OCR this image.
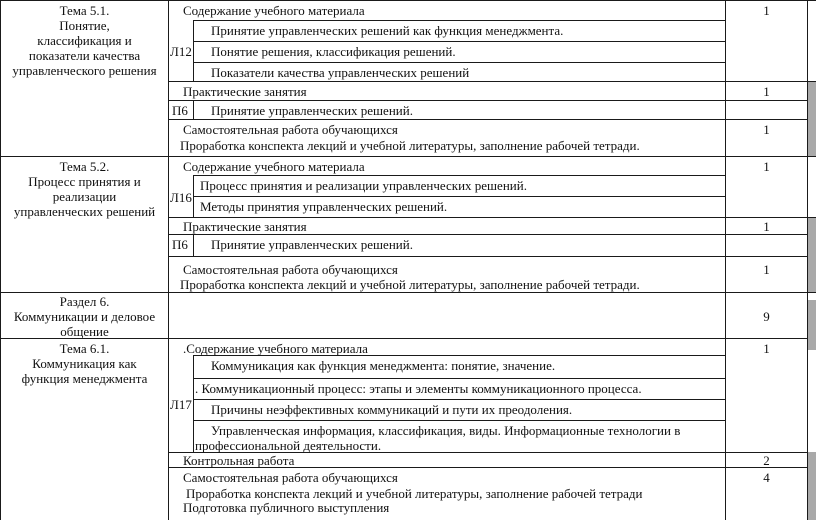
Тема 5.1.
Понятие,
классификация и
показатели качества
управленческого решения
Тема 5.2.
Процесс принятия и
реализации
управленческих решений
Раздел 6.
Коммуникации и деловое
общение
Тема 6.1.
Коммуникация как
функция менеджмента
Содержание учебного материала
Л12
Принятие управленческих решений как функция менеджмента.
Понятие решения, классификация решений.
Показатели качества управленческих решений
Практические занятия
П6 Принятие управленческих решений.
Самостоятельная работа обучающихся
Проработка конспекта лекций и учебной литературы, заполнение рабочей тетради.
Содержание учебного материала
Л16
Процесс принятия и реализации управленческих решений.
Методы принятия управленческих решений.
Практические занятия
П6 Принятие управленческих решений.
Самостоятельная работа обучающихся
Проработка конспекта лекций и учебной литературы, заполнение рабочей тетради.
.Содержание учебного материала
Л17
Коммуникация как функция менеджмента: понятие, значение.
. Коммуникационный процесс: этапы и элементы коммуникационного процесса.
Причины неэффективных коммуникаций и пути их преодоления.
Управленческая информация, классификация, виды. Информационные технологии в
профессиональной деятельности.
Контрольная работа
Самостоятельная работа обучающихся
Проработка конспекта лекций и учебной литературы, заполнение рабочей тетради
Подготовка публичного выступления
1
1
1
1
1
1
9
1
2
4
